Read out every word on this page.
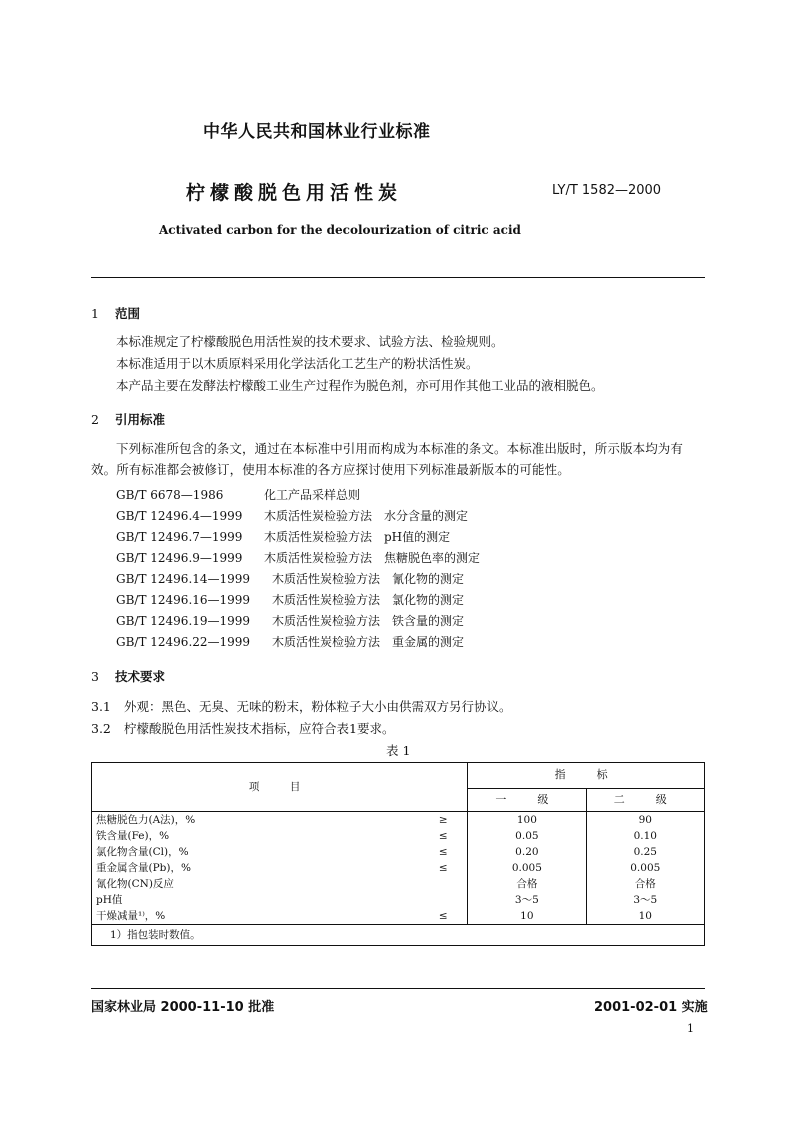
中华人民共和国林业行业标准
柠檬酸脱色用活性炭	LY/T 1582—2000
Activated carbon for the decolourization of citric acid
1 范围
本标准规定了柠檬酸脱色用活性炭的技术要求、试验方法、检验规则。
本标准适用于以木质原料采用化学法活化工艺生产的粉状活性炭。
本产品主要在发酵法柠檬酸工业生产过程作为脱色剂，亦可用作其他工业品的液相脱色。
2 引用标准
下列标准所包含的条文，通过在本标准中引用而构成为本标准的条文。本标准出版时，所示版本均为有效。所有标准都会被修订，使用本标准的各方应探讨使用下列标准最新版本的可能性。
GB/T 6678—1986	化工产品采样总则
GB/T 12496.4—1999 木质活性炭检验方法　水分含量的测定
GB/T 12496.7—1999 木质活性炭检验方法　pH值的测定
GB/T 12496.9—1999 木质活性炭检验方法　焦糖脱色率的测定
GB/T 12496.14—1999 木质活性炭检验方法　氰化物的测定
GB/T 12496.16—1999 木质活性炭检验方法　氯化物的测定
GB/T 12496.19—1999 木质活性炭检验方法　铁含量的测定
GB/T 12496.22—1999 木质活性炭检验方法　重金属的测定
3 技术要求
3.1 外观：黑色、无臭、无味的粉末，粉体粒子大小由供需双方另行协议。
3.2 柠檬酸脱色用活性炭技术指标，应符合表1要求。
表 1
项　目		指　标	
		一　级	二　级
焦糖脱色力(A法)，%	≥	100	90
铁含量(Fe)，%	≤	0.05	0.10
氯化物含量(Cl)，%	≤	0.20	0.25
重金属含量(Pb)，%	≤	0.005	0.005
氰化物(CN)反应		合格	合格
pH值		3～5	3～5
干燥减量¹⁾，%	≤	10	10
1）指包装时数值。			
国家林业局 2000-11-10 批准	2001-02-01 实施
1
